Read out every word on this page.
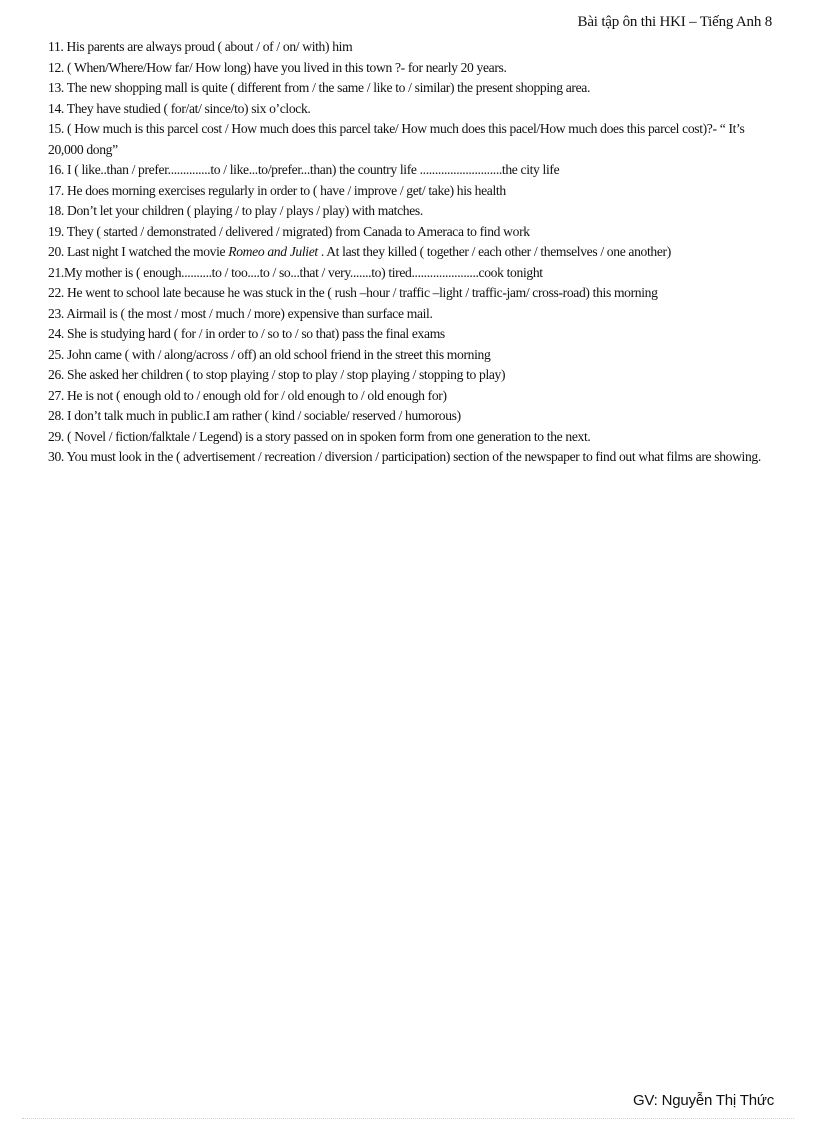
Bài tập ôn thi HKI – Tiếng Anh 8

11. His parents are always proud ( about / of / on/ with) him

12. ( When/Where/How far/ How long) have you lived in this town ?- for nearly 20 years.

13. The new shopping mall is quite ( different from / the same / like to / similar) the present shopping area.

14. They have studied ( for/at/ since/to) six o’clock.

15. ( How much is this parcel cost / How much does this parcel take/ How much does this pacel/How much does this parcel cost)?- “ It’s 20,000 dong”

16. I ( like..than / prefer..............to / like...to/prefer...than) the country life ...........................the city life

17. He does morning exercises regularly in order to ( have / improve / get/ take) his health

18. Don’t let your children ( playing / to play / plays / play) with matches.

19. They ( started / demonstrated / delivered / migrated) from Canada to Ameraca to find work

20. Last night I watched the movie Romeo and Juliet . At last they killed ( together / each other / themselves / one another)

21.My mother is ( enough..........to / too....to / so...that / very.......to) tired......................cook tonight

22. He went to school late because he was stuck in the ( rush –hour / traffic –light / traffic-jam/ cross-road) this morning

23. Airmail is ( the most / most / much / more) expensive than surface mail.

24. She is studying hard ( for / in order to / so to / so that) pass the final exams

25. John came ( with / along/across / off) an old school friend in the street this morning

26. She asked her children ( to stop playing / stop to play / stop playing / stopping to play)

27. He is not ( enough old to / enough old for / old enough to / old enough for)

28. I don’t talk much in public.I am rather ( kind / sociable/ reserved / humorous)

29. ( Novel / fiction/falktale / Legend) is a story passed on in spoken form from one generation to the next.

30. You must look in the ( advertisement / recreation / diversion / participation) section of the newspaper to find out what films are showing.

GV: Nguyễn Thị Thức
